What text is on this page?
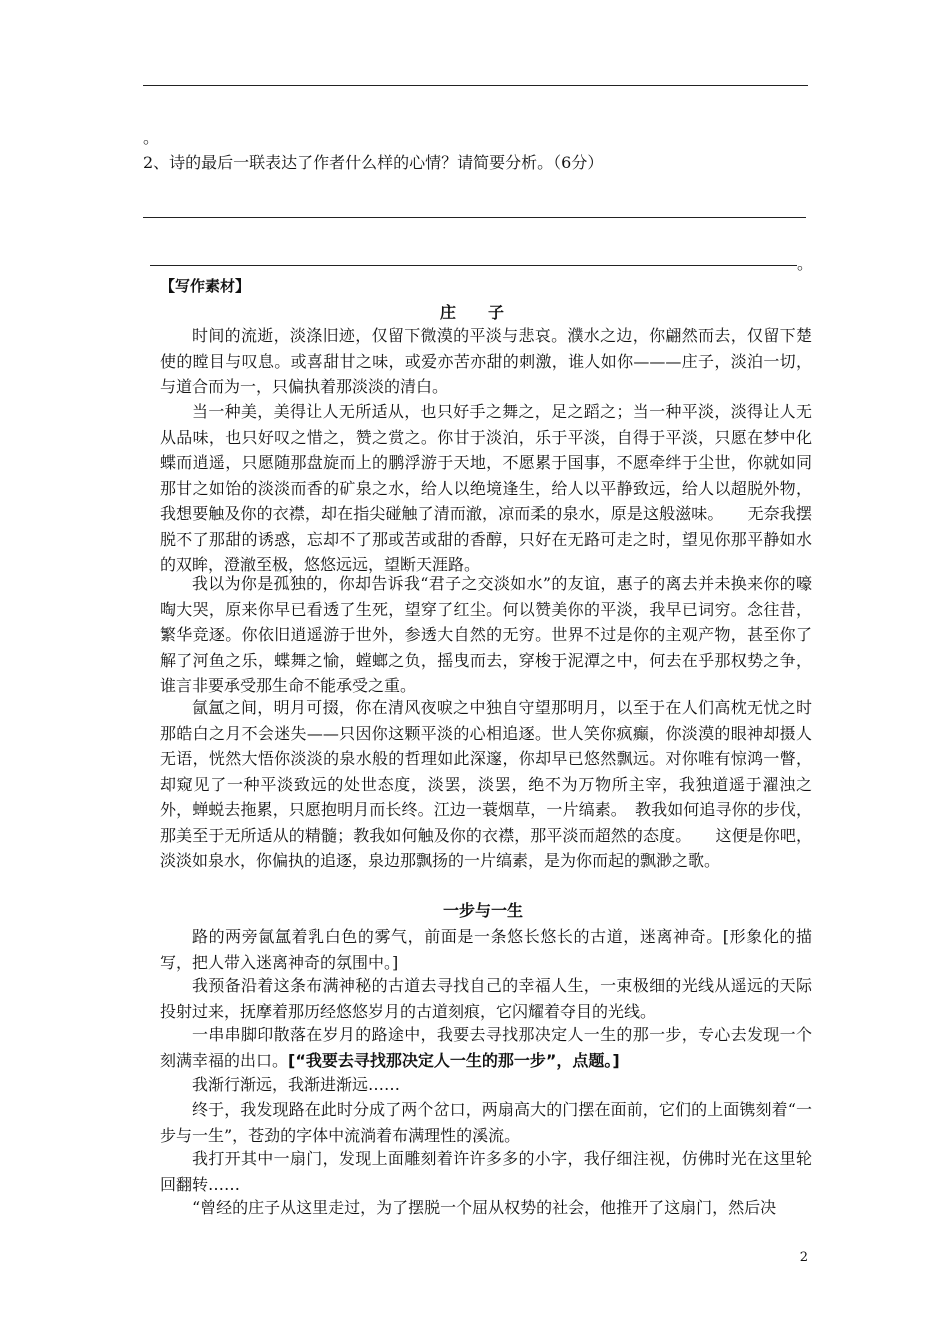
。
2、诗的最后一联表达了作者什么样的心情？请简要分析。（6分）
。
【写作素材】
庄　　子
时间的流逝，淡涤旧迹，仅留下微漠的平淡与悲哀。濮水之边，你翩然而去，仅留下楚使的瞠目与叹息。或喜甜甘之味，或爱亦苦亦甜的刺激，谁人如你———庄子，淡泊一切，与道合而为一，只偏执着那淡淡的清白。
当一种美，美得让人无所适从，也只好手之舞之，足之蹈之；当一种平淡，淡得让人无从品味，也只好叹之惜之，赞之赏之。你甘于淡泊，乐于平淡，自得于平淡，只愿在梦中化蝶而逍遥，只愿随那盘旋而上的鹏浮游于天地，不愿累于国事，不愿牵绊于尘世，你就如同那甘之如饴的淡淡而香的矿泉之水，给人以绝境逢生，给人以平静致远，给人以超脱外物，我想要触及你的衣襟，却在指尖碰触了清而澈，凉而柔的泉水，原是这般滋味。　　无奈我摆脱不了那甜的诱惑，忘却不了那或苦或甜的香醇，只好在无路可走之时，望见你那平静如水的双眸，澄澈至极，悠悠远远，望断天涯路。
我以为你是孤独的，你却告诉我“君子之交淡如水”的友谊，惠子的离去并未换来你的嚎啕大哭，原来你早已看透了生死，望穿了红尘。何以赞美你的平淡，我早已词穷。念往昔，繁华竞逐。你依旧逍遥游于世外，参透大自然的无穷。世界不过是你的主观产物，甚至你了解了河鱼之乐，蝶舞之愉，螳螂之负，摇曳而去，穿梭于泥潭之中，何去在乎那权势之争，谁言非要承受那生命不能承受之重。
氤氲之间，明月可掇，你在清风夜唳之中独自守望那明月，以至于在人们高枕无忧之时那皓白之月不会迷失——只因你这颗平淡的心相追逐。世人笑你疯癫，你淡漠的眼神却摄人无语，恍然大悟你淡淡的泉水般的哲理如此深邃，你却早已悠然飘远。对你唯有惊鸿一瞥，却窥见了一种平淡致远的处世态度，淡罢，淡罢，绝不为万物所主宰，我独道遥于濯浊之外，蝉蜕去拖累，只愿抱明月而长终。江边一蓑烟草，一片缟素。　教我如何追寻你的步伐，那美至于无所适从的精髓；教我如何触及你的衣襟，那平淡而超然的态度。　　这便是你吧，淡淡如泉水，你偏执的追逐，泉边那飘扬的一片缟素，是为你而起的飘渺之歌。
一步与一生
路的两旁氤氲着乳白色的雾气，前面是一条悠长悠长的古道，迷离神奇。[形象化的描写，把人带入迷离神奇的氛围中。]
我预备沿着这条布满神秘的古道去寻找自己的幸福人生，一束极细的光线从遥远的天际投射过来，抚摩着那历经悠悠岁月的古道刻痕，它闪耀着夺目的光线。
一串串脚印散落在岁月的路途中，我要去寻找那决定人一生的那一步，专心去发现一个刻满幸福的出口。[“我要去寻找那决定人一生的那一步”，点题。]
我渐行渐远，我渐进渐远……
终于，我发现路在此时分成了两个岔口，两扇高大的门摆在面前，它们的上面镌刻着“一步与一生”，苍劲的字体中流淌着布满理性的溪流。
我打开其中一扇门，发现上面雕刻着许许多多的小字，我仔细注视，仿佛时光在这里轮回翻转……
“曾经的庄子从这里走过，为了摆脱一个屈从权势的社会，他推开了这扇门，然后决
2
